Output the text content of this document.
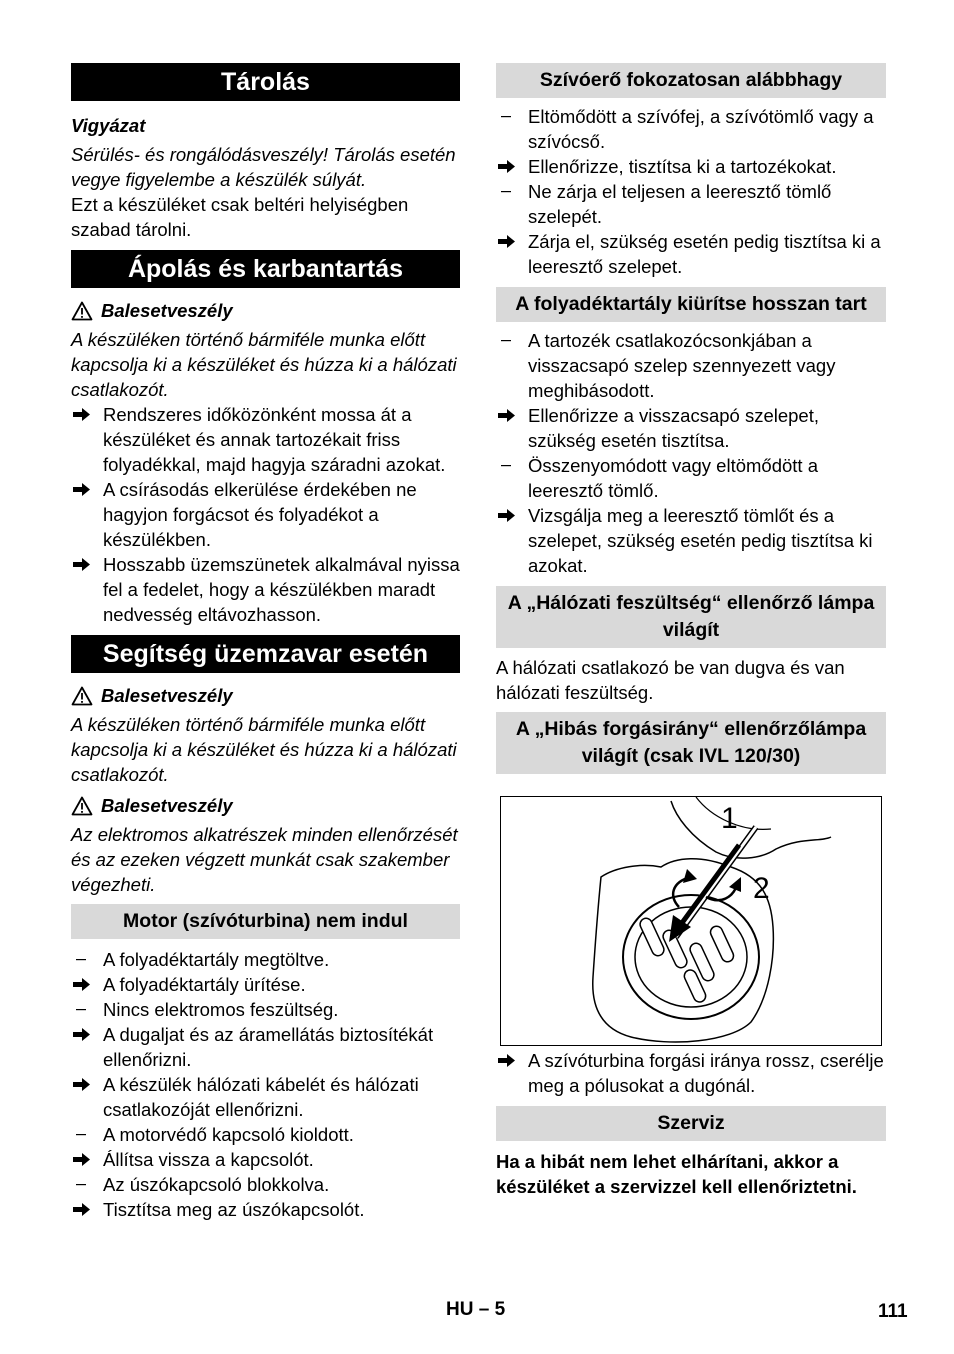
Tárolás

Vigyázat

Sérülés- és rongálódásveszély! Tárolás esetén vegye figyelembe a készülék súlyát.

Ezt a készüléket csak beltéri helyiségben szabad tárolni.

Ápolás és karbantartás
Balesetveszély

A készüléken történő bármiféle munka előtt kapcsolja ki a készüléket és húzza ki a hálózati csatlakozót.

Rendszeres időközönként mossa át a készüléket és annak tartozékait friss folyadékkal, majd hagyja száradni azokat.
A csírásodás elkerülése érdekében ne hagyjon forgácsot és folyadékot a készülékben.
Hosszabb üzemszünetek alkalmával nyissa fel a fedelet, hogy a készülékben maradt nedvesség eltávozhasson.
Segítség üzemzavar esetén
Balesetveszély

A készüléken történő bármiféle munka előtt kapcsolja ki a készüléket és húzza ki a hálózati csatlakozót.

Balesetveszély

Az elektromos alkatrészek minden ellenőrzését és az ezeken végzett munkát csak szakember végezheti.

Motor (szívóturbina) nem indul
A folyadéktartály megtöltve.
A folyadéktartály ürítése.
Nincs elektromos feszültség.
A dugaljat és az áramellátás biztosítékát ellenőrizni.
A készülék hálózati kábelét és hálózati csatlakozóját ellenőrizni.
A motorvédő kapcsoló kioldott.
Állítsa vissza a kapcsolót.
Az úszókapcsoló blokkolva.
Tisztítsa meg az úszókapcsolót.
Szívóerő fokozatosan alábbhagy
Eltömődött a szívófej, a szívótömlő vagy a szívócső.
Ellenőrizze, tisztítsa ki a tartozékokat.
Ne zárja el teljesen a leeresztő tömlő szelepét.
Zárja el, szükség esetén pedig tisztítsa ki a leeresztő szelepet.
A folyadéktartály kiürítse hosszan tart
A tartozék csatlakozócsonkjában a visszacsapó szelep szennyezett vagy meghibásodott.
Ellenőrizze a visszacsapó szelepet, szükség esetén tisztítsa.
Összenyomódott vagy eltömődött a leeresztő tömlő.
Vizsgálja meg a leeresztő tömlőt és a szelepet, szükség esetén pedig tisztítsa ki azokat.
A „Hálózati feszültség“ ellenőrző lámpa világít

A hálózati csatlakozó be van dugva és van hálózati feszültség.

A „Hibás forgásirány“ ellenőrzőlámpa világít (csak IVL 120/30)
1
2
A szívóturbina forgási iránya rossz, cserélje meg a pólusokat a dugónál.
Szerviz

Ha a hibát nem lehet elhárítani, akkor a készüléket a szervizzel kell ellenőriztetni.

HU – 5	111
